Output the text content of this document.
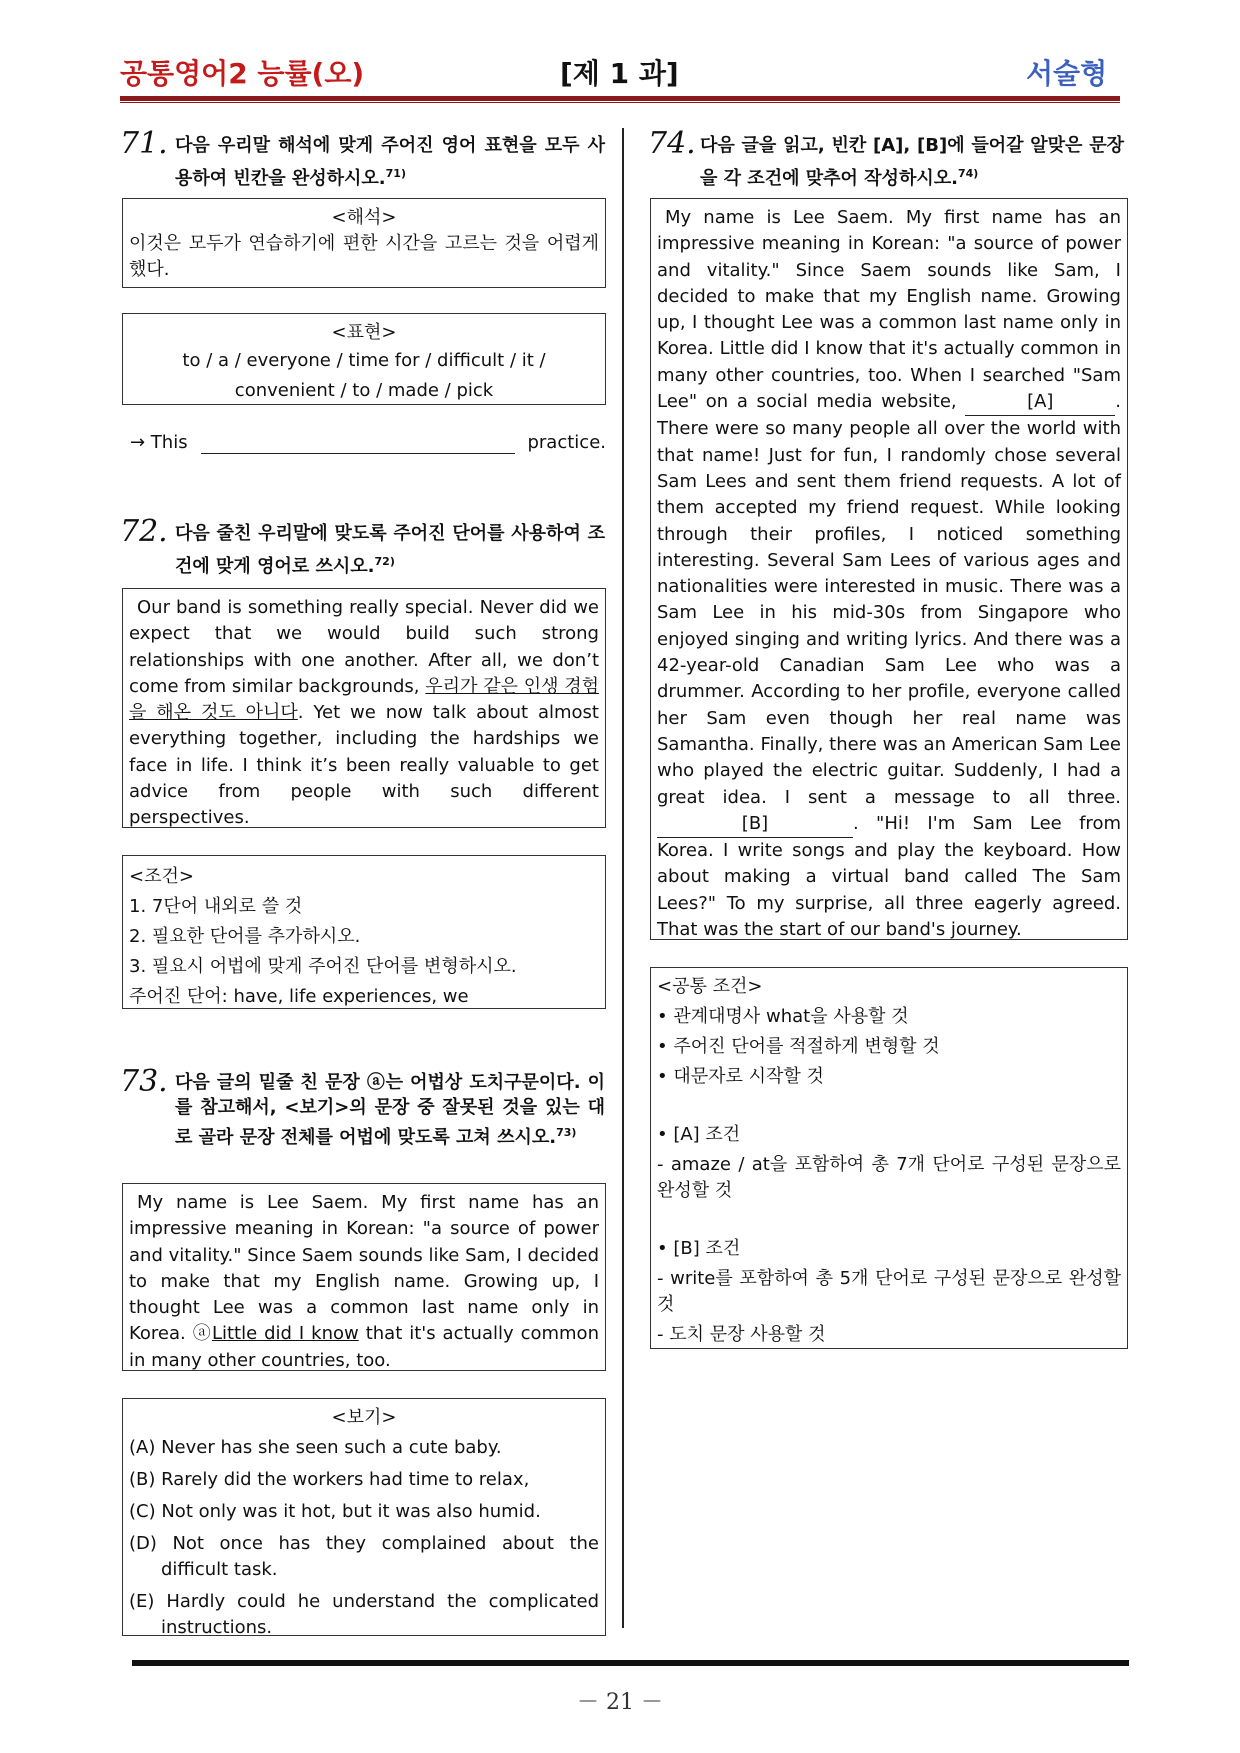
공통영어2 능률(오)	[제 1 과]	서술형
71. 다음 우리말 해석에 맞게 주어진 영어 표현을 모두 사용하여 빈칸을 완성하시오.$^{71)}$

<해석>

이것은 모두가 연습하기에 편한 시간을 고르는 것을 어렵게 했다.

<표현>

to / a / everyone / time for / difficult / it /

convenient / to / made / pick

→ This	practice.
72. 다음 줄친 우리말에 맞도록 주어진 단어를 사용하여 조건에 맞게 영어로 쓰시오.$^{72)}$
Our band is something really special. Never did we expect that we would build such strong relationships with one another. After all, we don’t come from similar backgrounds, 우리가 같은 인생 경험을 해온 것도 아니다. Yet we now talk about almost everything together, including the hardships we face in life. I think it’s been really valuable to get advice from people with such different perspectives.

<조건>

1. 7단어 내외로 쓸 것

2. 필요한 단어를 추가하시오.

3. 필요시 어법에 맞게 주어진 단어를 변형하시오.

주어진 단어: have, life experiences, we

73. 다음 글의 밑줄 친 문장 ⓐ는 어법상 도치구문이다. 이를 참고해서, <보기>의 문장 중 잘못된 것을 있는 대로 골라 문장 전체를 어법에 맞도록 고쳐 쓰시오.$^{73)}$
My name is Lee Saem. My first name has an impressive meaning in Korean: "a source of power and vitality." Since Saem sounds like Sam, I decided to make that my English name. Growing up, I thought Lee was a common last name only in Korea. ⓐLittle did I know that it's actually common in many other countries, too.

<보기>

(A) Never has she seen such a cute baby.

(B) Rarely did the workers had time to relax,

(C) Not only was it hot, but it was also humid.

(D) Not once has they complained about the difficult task.

(E) Hardly could he understand the complicated instructions.

74. 다음 글을 읽고, 빈칸 [A], [B]에 들어갈 알맞은 문장을 각 조건에 맞추어 작성하시오.$^{74)}$
My name is Lee Saem. My first name has an impressive meaning in Korean: "a source of power and vitality." Since Saem sounds like Sam, I decided to make that my English name. Growing up, I thought Lee was a common last name only in Korea. Little did I know that it's actually common in many other countries, too. When I searched "Sam Lee" on a social media website,	[A]	. There were so many people all over the world with that name! Just for fun, I randomly chose several Sam Lees and sent them friend requests. A lot of them accepted my friend request. While looking through their profiles, I noticed something interesting. Several Sam Lees of various ages and nationalities were interested in music. There was a Sam Lee in his mid-30s from Singapore who enjoyed singing and writing lyrics. And there was a 42-year-old Canadian Sam Lee who was a drummer. According to her profile, everyone called her Sam even though her real name was Samantha. Finally, there was an American Sam Lee who played the electric guitar. Suddenly, I had a great idea. I sent a message to all three. [B]	. "Hi! I'm Sam Lee from Korea. I write songs and play the keyboard. How about making a virtual band called The Sam Lees?" To my surprise, all three eagerly agreed. That was the start of our band's journey.

<공통 조건>

• 관계대명사 what을 사용할 것

• 주어진 단어를 적절하게 변형할 것

• 대문자로 시작할 것

• [A] 조건

- amaze / at을 포함하여 총 7개 단어로 구성된 문장으로 완성할 것

• [B] 조건

- write를 포함하여 총 5개 단어로 구성된 문장으로 완성할 것

- 도치 문장 사용할 것

－ 21 －
